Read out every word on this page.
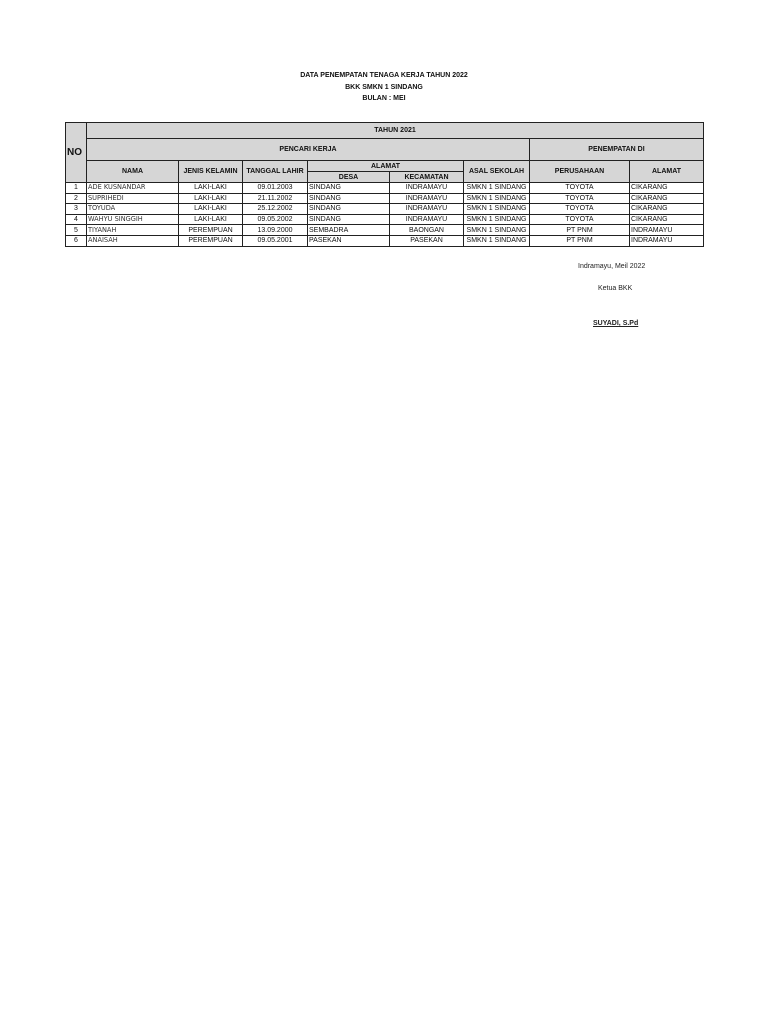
DATA PENEMPATAN TENAGA KERJA TAHUN 2022
BKK SMKN 1 SINDANG
BULAN : MEI
NO	TAHUN 2021							
	PENCARI KERJA						PENEMPATAN DI	
	NAMA	JENIS KELAMIN	TANGGAL LAHIR	ALAMAT		ASAL SEKOLAH	PERUSAHAAN	ALAMAT
				DESA	KECAMATAN			
1	ADE KUSNANDAR	LAKI-LAKI	09.01.2003	SINDANG	INDRAMAYU	SMKN 1 SINDANG	TOYOTA	CIKARANG
2	SUPRIHEDI	LAKI-LAKI	21.11.2002	SINDANG	INDRAMAYU	SMKN 1 SINDANG	TOYOTA	CIKARANG
3	TOYUDA	LAKI-LAKI	25.12.2002	SINDANG	INDRAMAYU	SMKN 1 SINDANG	TOYOTA	CIKARANG
4	WAHYU SINGGIH	LAKI-LAKI	09.05.2002	SINDANG	INDRAMAYU	SMKN 1 SINDANG	TOYOTA	CIKARANG
5	TIYANAH	PEREMPUAN	13.09.2000	SEMBADRA	BAONGAN	SMKN 1 SINDANG	PT PNM	INDRAMAYU
6	ANAISAH	PEREMPUAN	09.05.2001	PASEKAN	PASEKAN	SMKN 1 SINDANG	PT PNM	INDRAMAYU
Indramayu, Meil 2022
Ketua BKK
SUYADI, S.Pd
